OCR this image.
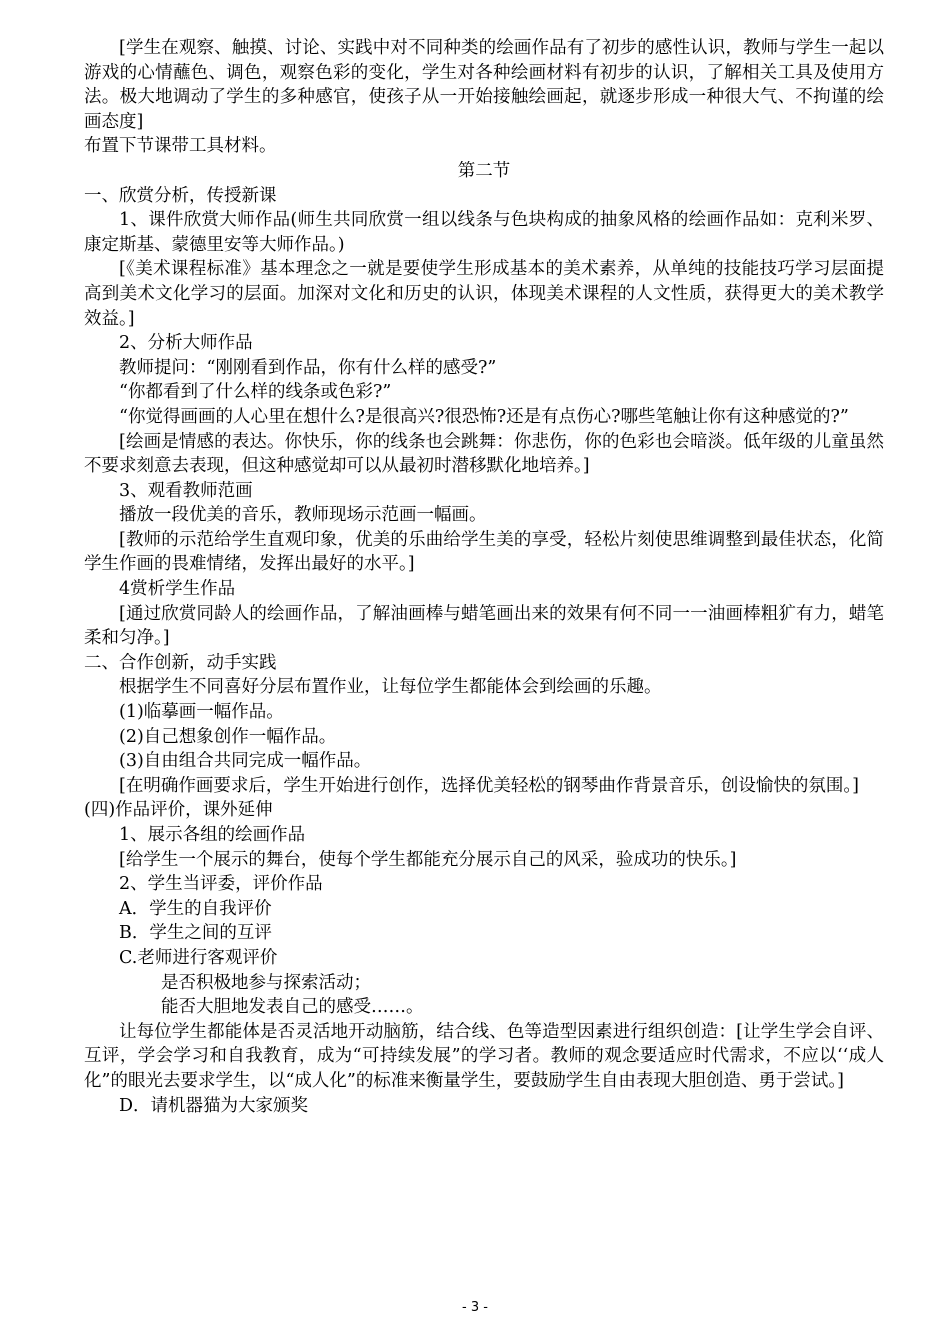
[学生在观察、触摸、讨论、实践中对不同种类的绘画作品有了初步的感性认识，教师与学生一起以游戏的心情蘸色、调色，观察色彩的变化，学生对各种绘画材料有初步的认识，了解相关工具及使用方法。极大地调动了学生的多种感官，使孩子从一开始接触绘画起，就逐步形成一种很大气、不拘谨的绘画态度]

布置下节课带工具材料。

第二节

一、欣赏分析，传授新课

1、课件欣赏大师作品(师生共同欣赏一组以线条与色块构成的抽象风格的绘画作品如：克利米罗、康定斯基、蒙德里安等大师作品。)

[《美术课程标准》基本理念之一就是要使学生形成基本的美术素养，从单纯的技能技巧学习层面提高到美术文化学习的层面。加深对文化和历史的认识，体现美术课程的人文性质，获得更大的美术教学效益。]

2、分析大师作品

教师提问：“刚刚看到作品，你有什么样的感受?”

“你都看到了什么样的线条或色彩?”

“你觉得画画的人心里在想什么?是很高兴?很恐怖?还是有点伤心?哪些笔触让你有这种感觉的?”

[绘画是情感的表达。你快乐，你的线条也会跳舞：你悲伤，你的色彩也会暗淡。低年级的儿童虽然不要求刻意去表现，但这种感觉却可以从最初时潜移默化地培养。]

3、观看教师范画

播放一段优美的音乐，教师现场示范画一幅画。

[教师的示范给学生直观印象，优美的乐曲给学生美的享受，轻松片刻使思维调整到最佳状态，化简学生作画的畏难情绪，发挥出最好的水平。]

4赏析学生作品

[通过欣赏同龄人的绘画作品，了解油画棒与蜡笔画出来的效果有何不同一一油画棒粗犷有力，蜡笔柔和匀净。]

二、合作创新，动手实践

根据学生不同喜好分层布置作业，让每位学生都能体会到绘画的乐趣。

(1)临摹画一幅作品。

(2)自己想象创作一幅作品。

(3)自由组合共同完成一幅作品。

[在明确作画要求后，学生开始进行创作，选择优美轻松的钢琴曲作背景音乐，创设愉快的氛围。]

(四)作品评价，课外延伸

1、展示各组的绘画作品

[给学生一个展示的舞台，使每个学生都能充分展示自己的风采，验成功的快乐。]

2、学生当评委，评价作品

A．学生的自我评价

B．学生之间的互评

C.老师进行客观评价

是否积极地参与探索活动；

能否大胆地发表自己的感受……。

让每位学生都能体是否灵活地开动脑筋，结合线、色等造型因素进行组织创造：[让学生学会自评、互评，学会学习和自我教育，成为“可持续发展”的学习者。教师的观念要适应时代需求，不应以‘‘成人化”的眼光去要求学生，以“成人化”的标准来衡量学生，要鼓励学生自由表现大胆创造、勇于尝试。]

D．请机器猫为大家颁奖

- 3 -
